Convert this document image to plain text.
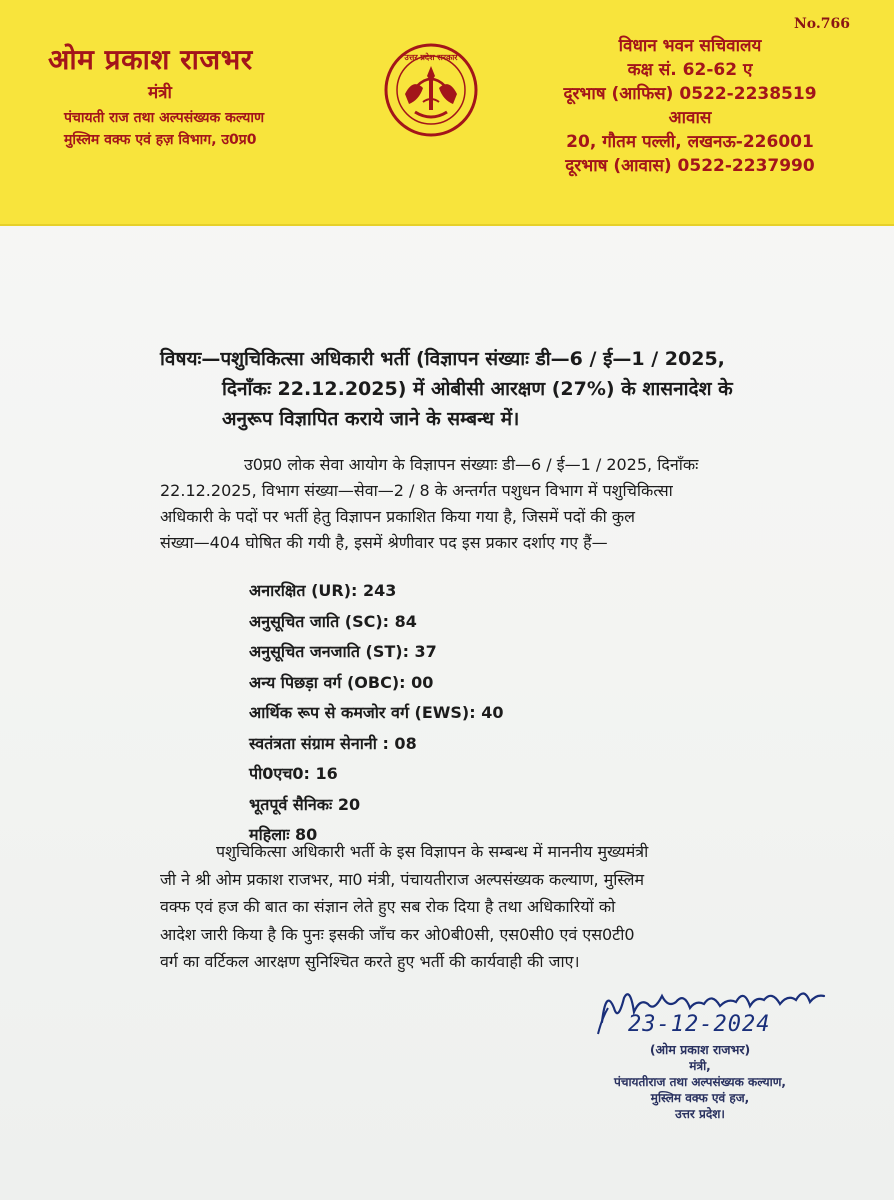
No.766
ओम प्रकाश राजभर
मंत्री
पंचायती राज तथा अल्पसंख्यक कल्याण
मुस्लिम वक्फ एवं हज़ विभाग, उ0प्र0
उत्तर प्रदेश सरकार
विधान भवन सचिवालय
कक्ष सं. 62-62 ए
दूरभाष (आफिस) 0522-2238519
आवास
20, गौतम पल्ली, लखनऊ-226001
दूरभाष (आवास) 0522-2237990
विषयः—पशुचिकित्सा अधिकारी भर्ती (विज्ञापन संख्याः डी—6 / ई—1 / 2025,
दिनाँकः 22.12.2025) में ओबीसी आरक्षण (27%) के शासनादेश के
अनुरूप विज्ञापित कराये जाने के सम्बन्ध में।
उ0प्र0 लोक सेवा आयोग के विज्ञापन संख्याः डी—6 / ई—1 / 2025, दिनाँकः
22.12.2025, विभाग संख्या—सेवा—2 / 8 के अन्तर्गत पशुधन विभाग में पशुचिकित्सा
अधिकारी के पदों पर भर्ती हेतु विज्ञापन प्रकाशित किया गया है, जिसमें पदों की कुल
संख्या—404 घोषित की गयी है, इसमें श्रेणीवार पद इस प्रकार दर्शाए गए हैं—
अनारक्षित (UR): 243
अनुसूचित जाति (SC): 84
अनुसूचित जनजाति (ST): 37
अन्य पिछड़ा वर्ग (OBC): 00
आर्थिक रूप से कमजोर वर्ग (EWS): 40
स्वतंत्रता संग्राम सेनानी : 08
पी0एच0: 16
भूतपूर्व सैनिकः 20
महिलाः 80
पशुचिकित्सा अधिकारी भर्ती के इस विज्ञापन के सम्बन्ध में माननीय मुख्यमंत्री
जी ने श्री ओम प्रकाश राजभर, मा0 मंत्री, पंचायतीराज अल्पसंख्यक कल्याण, मुस्लिम
वक्फ एवं हज की बात का संज्ञान लेते हुए सब रोक दिया है तथा अधिकारियों को
आदेश जारी किया है कि पुनः इसकी जाँच कर ओ0बी0सी, एस0सी0 एवं एस0टी0
वर्ग का वर्टिकल आरक्षण सुनिश्चित करते हुए भर्ती की कार्यवाही की जाए।
23-12-2024
(ओम प्रकाश राजभर)
मंत्री,
पंचायतीराज तथा अल्पसंख्यक कल्याण,
मुस्लिम वक्फ एवं हज,
उत्तर प्रदेश।
